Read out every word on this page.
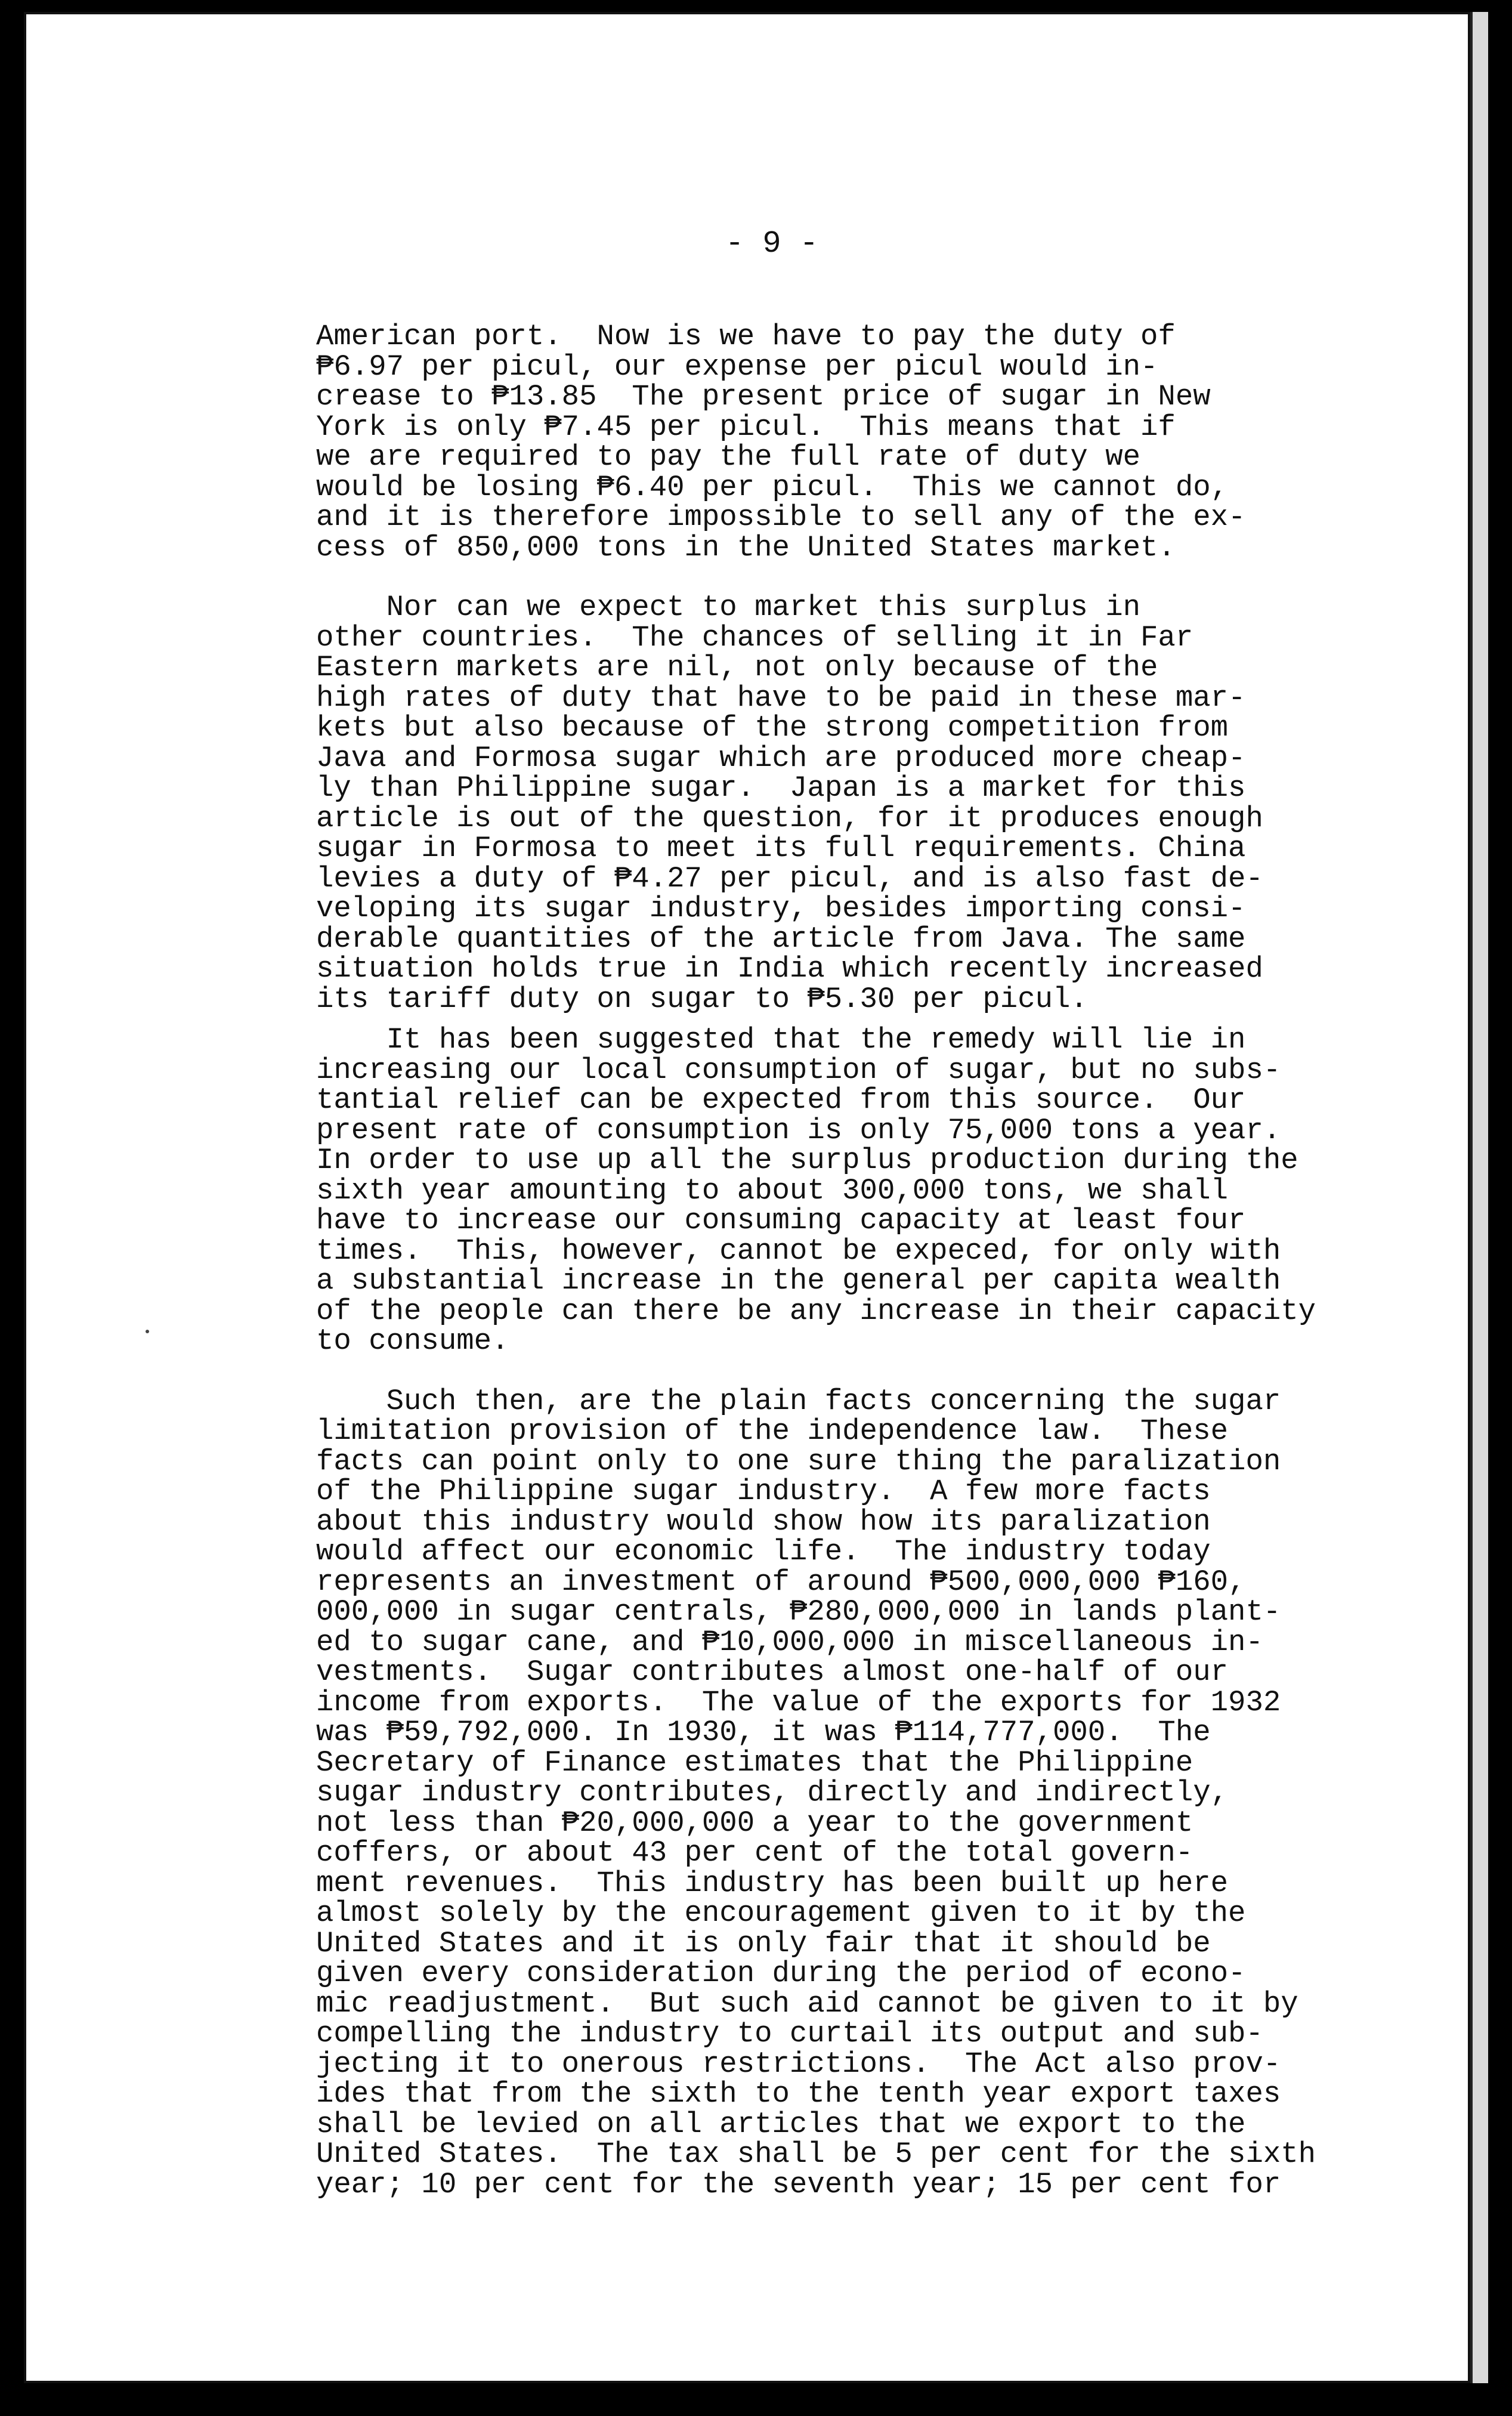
- 9 -

American port.  Now is we have to pay the duty of
₱6.97 per picul, our expense per picul would in-
crease to ₱13.85  The present price of sugar in New
York is only ₱7.45 per picul.  This means that if
we are required to pay the full rate of duty we
would be losing ₱6.40 per picul.  This we cannot do,
and it is therefore impossible to sell any of the ex-
cess of 850,000 tons in the United States market.

Nor can we expect to market this surplus in
other countries.  The chances of selling it in Far
Eastern markets are nil, not only because of the
high rates of duty that have to be paid in these mar-
kets but also because of the strong competition from
Java and Formosa sugar which are produced more cheap-
ly than Philippine sugar.  Japan is a market for this
article is out of the question, for it produces enough
sugar in Formosa to meet its full requirements. China
levies a duty of ₱4.27 per picul, and is also fast de-
veloping its sugar industry, besides importing consi-
derable quantities of the article from Java. The same
situation holds true in India which recently increased
its tariff duty on sugar to ₱5.30 per picul.

It has been suggested that the remedy will lie in
increasing our local consumption of sugar, but no subs-
tantial relief can be expected from this source.  Our
present rate of consumption is only 75,000 tons a year.
In order to use up all the surplus production during the
sixth year amounting to about 300,000 tons, we shall
have to increase our consuming capacity at least four
times.  This, however, cannot be expeced, for only with
a substantial increase in the general per capita wealth
of the people can there be any increase in their capacity
to consume.

Such then, are the plain facts concerning the sugar
limitation provision of the independence law.  These
facts can point only to one sure thing the paralization
of the Philippine sugar industry.  A few more facts
about this industry would show how its paralization
would affect our economic life.  The industry today
represents an investment of around ₱500,000,000 ₱160,
000,000 in sugar centrals, ₱280,000,000 in lands plant-
ed to sugar cane, and ₱10,000,000 in miscellaneous in-
vestments.  Sugar contributes almost one-half of our
income from exports.  The value of the exports for 1932
was ₱59,792,000. In 1930, it was ₱114,777,000.  The
Secretary of Finance estimates that the Philippine
sugar industry contributes, directly and indirectly,
not less than ₱20,000,000 a year to the government
coffers, or about 43 per cent of the total govern-
ment revenues.  This industry has been built up here
almost solely by the encouragement given to it by the
United States and it is only fair that it should be
given every consideration during the period of econo-
mic readjustment.  But such aid cannot be given to it by
compelling the industry to curtail its output and sub-
jecting it to onerous restrictions.  The Act also prov-
ides that from the sixth to the tenth year export taxes
shall be levied on all articles that we export to the
United States.  The tax shall be 5 per cent for the sixth
year; 10 per cent for the seventh year; 15 per cent for
